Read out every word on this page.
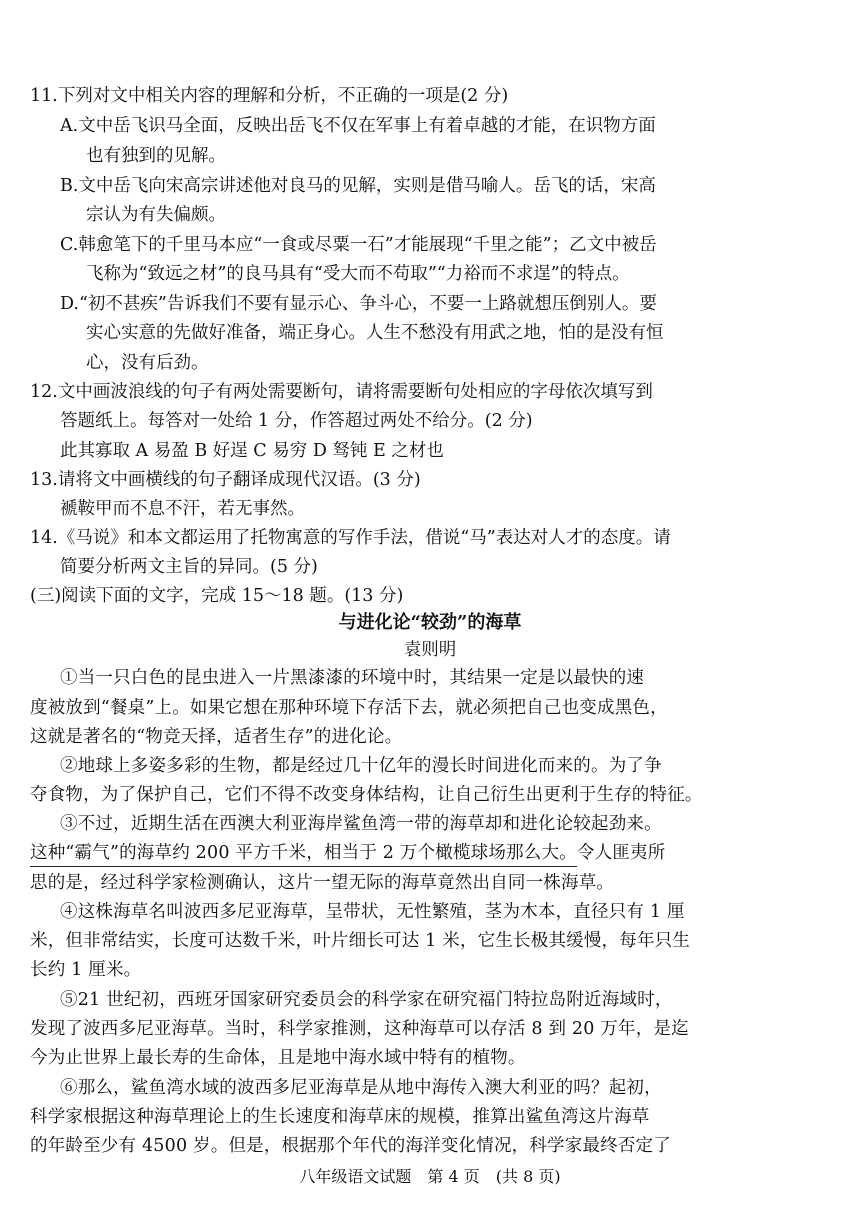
11.下列对文中相关内容的理解和分析，不正确的一项是(2 分)
A.文中岳飞识马全面，反映出岳飞不仅在军事上有着卓越的才能，在识物方面
也有独到的见解。
B.文中岳飞向宋高宗讲述他对良马的见解，实则是借马喻人。岳飞的话，宋高
宗认为有失偏颇。
C.韩愈笔下的千里马本应“一食或尽粟一石”才能展现“千里之能”；乙文中被岳
飞称为“致远之材”的良马具有“受大而不苟取”“力裕而不求逞”的特点。
D.“初不甚疾”告诉我们不要有显示心、争斗心，不要一上路就想压倒别人。要
实心实意的先做好准备，端正身心。人生不愁没有用武之地，怕的是没有恒
心，没有后劲。
12.文中画波浪线的句子有两处需要断句，请将需要断句处相应的字母依次填写到
答题纸上。每答对一处给 1 分，作答超过两处不给分。(2 分)
此其寡取 A 易盈 B 好逞 C 易穷 D 驽钝 E 之材也
13.请将文中画横线的句子翻译成现代汉语。(3 分)
褫鞍甲而不息不汗，若无事然。
14.《马说》和本文都运用了托物寓意的写作手法，借说“马”表达对人才的态度。请
简要分析两文主旨的异同。(5 分)
(三)阅读下面的文字，完成 15～18 题。(13 分)
与进化论“较劲”的海草
袁则明
①当一只白色的昆虫进入一片黑漆漆的环境中时，其结果一定是以最快的速
度被放到“餐桌”上。如果它想在那种环境下存活下去，就必须把自己也变成黑色，
这就是著名的“物竞天择，适者生存”的进化论。
②地球上多姿多彩的生物，都是经过几十亿年的漫长时间进化而来的。为了争
夺食物，为了保护自己，它们不得不改变身体结构，让自己衍生出更利于生存的特征。
③不过，近期生活在西澳大利亚海岸鲨鱼湾一带的海草却和进化论较起劲来。
这种“霸气”的海草约 200 平方千米，相当于 2 万个橄榄球场那么大。令人匪夷所
思的是，经过科学家检测确认，这片一望无际的海草竟然出自同一株海草。
④这株海草名叫波西多尼亚海草，呈带状，无性繁殖，茎为木本，直径只有 1 厘
米，但非常结实，长度可达数千米，叶片细长可达 1 米，它生长极其缓慢，每年只生
长约 1 厘米。
⑤21 世纪初，西班牙国家研究委员会的科学家在研究福门特拉岛附近海域时，
发现了波西多尼亚海草。当时，科学家推测，这种海草可以存活 8 到 20 万年，是迄
今为止世界上最长寿的生命体，且是地中海水域中特有的植物。
⑥那么，鲨鱼湾水域的波西多尼亚海草是从地中海传入澳大利亚的吗？起初，
科学家根据这种海草理论上的生长速度和海草床的规模，推算出鲨鱼湾这片海草
的年龄至少有 4500 岁。但是，根据那个年代的海洋变化情况，科学家最终否定了
八年级语文试题　第 4 页　(共 8 页)
